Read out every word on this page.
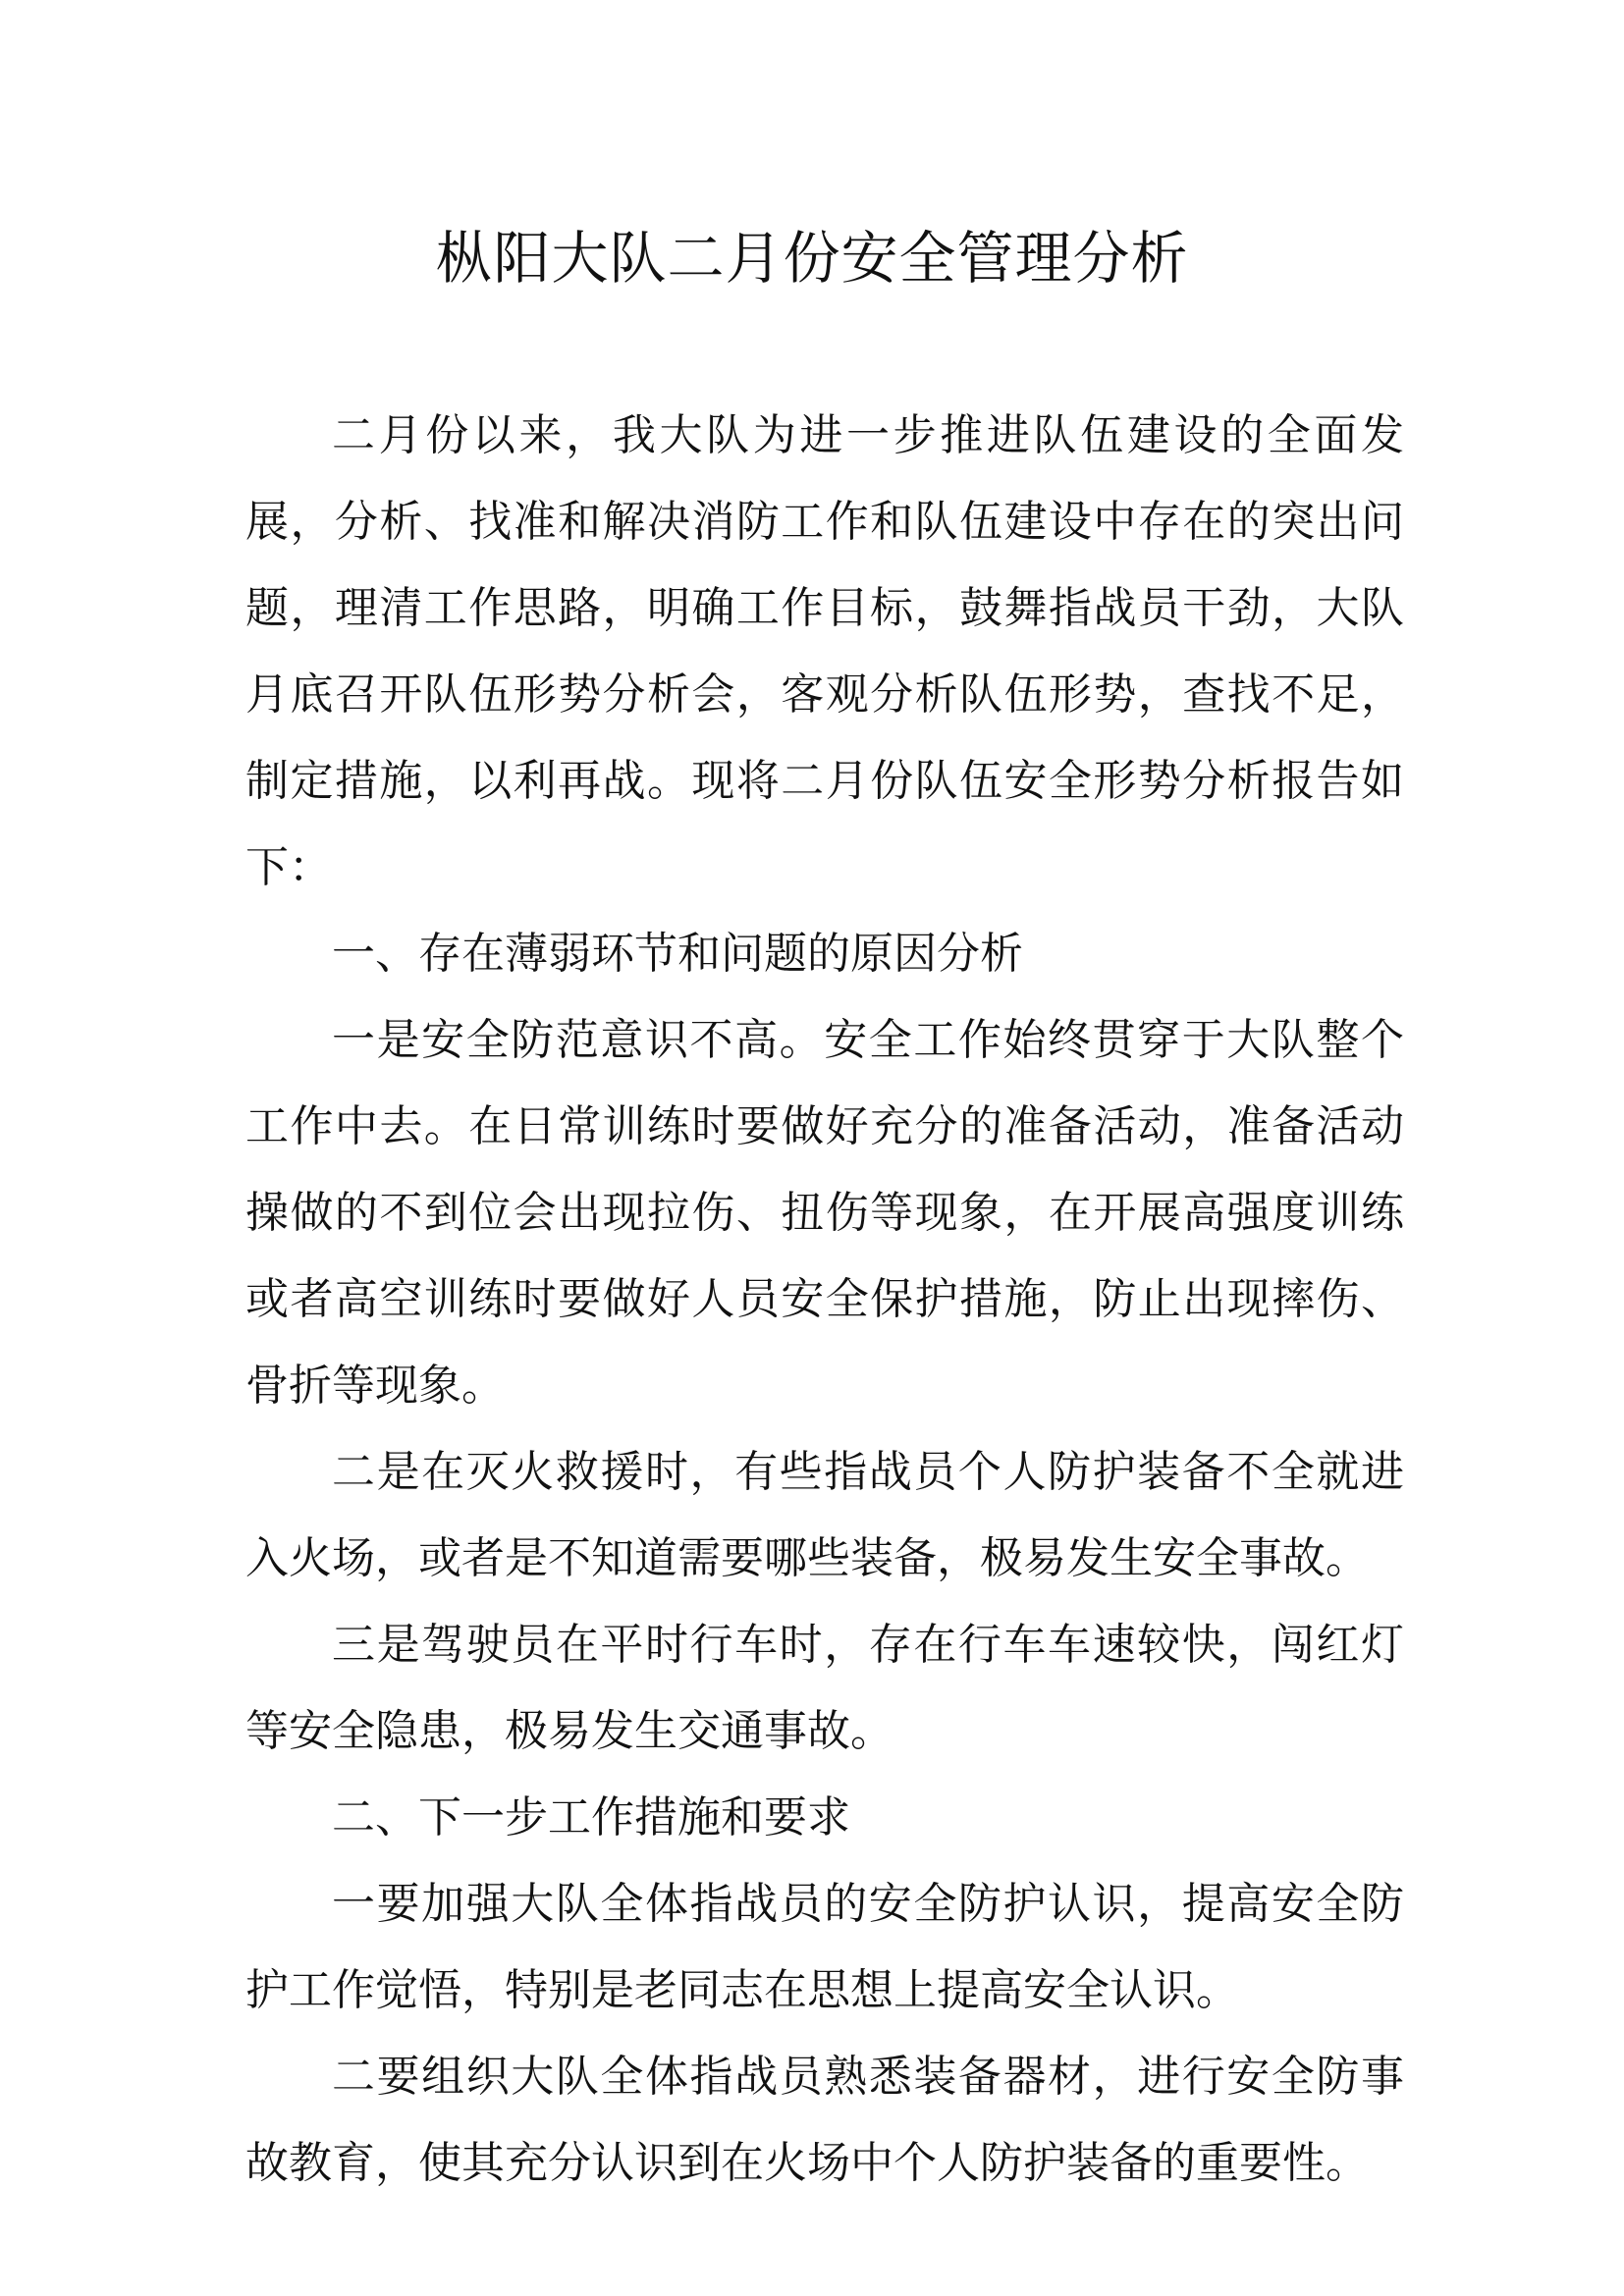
枞阳大队二月份安全管理分析

二月份以来，我大队为进一步推进队伍建设的全面发展，分析、找准和解决消防工作和队伍建设中存在的突出问题，理清工作思路，明确工作目标，鼓舞指战员干劲，大队月底召开队伍形势分析会，客观分析队伍形势，查找不足，制定措施，以利再战。现将二月份队伍安全形势分析报告如下：

一、存在薄弱环节和问题的原因分析

一是安全防范意识不高。安全工作始终贯穿于大队整个工作中去。在日常训练时要做好充分的准备活动，准备活动操做的不到位会出现拉伤、扭伤等现象，在开展高强度训练或者高空训练时要做好人员安全保护措施，防止出现摔伤、骨折等现象。

二是在灭火救援时，有些指战员个人防护装备不全就进入火场，或者是不知道需要哪些装备，极易发生安全事故。

三是驾驶员在平时行车时，存在行车车速较快，闯红灯等安全隐患，极易发生交通事故。

二、下一步工作措施和要求

一要加强大队全体指战员的安全防护认识，提高安全防护工作觉悟，特别是老同志在思想上提高安全认识。

二要组织大队全体指战员熟悉装备器材，进行安全防事故教育，使其充分认识到在火场中个人防护装备的重要性。
